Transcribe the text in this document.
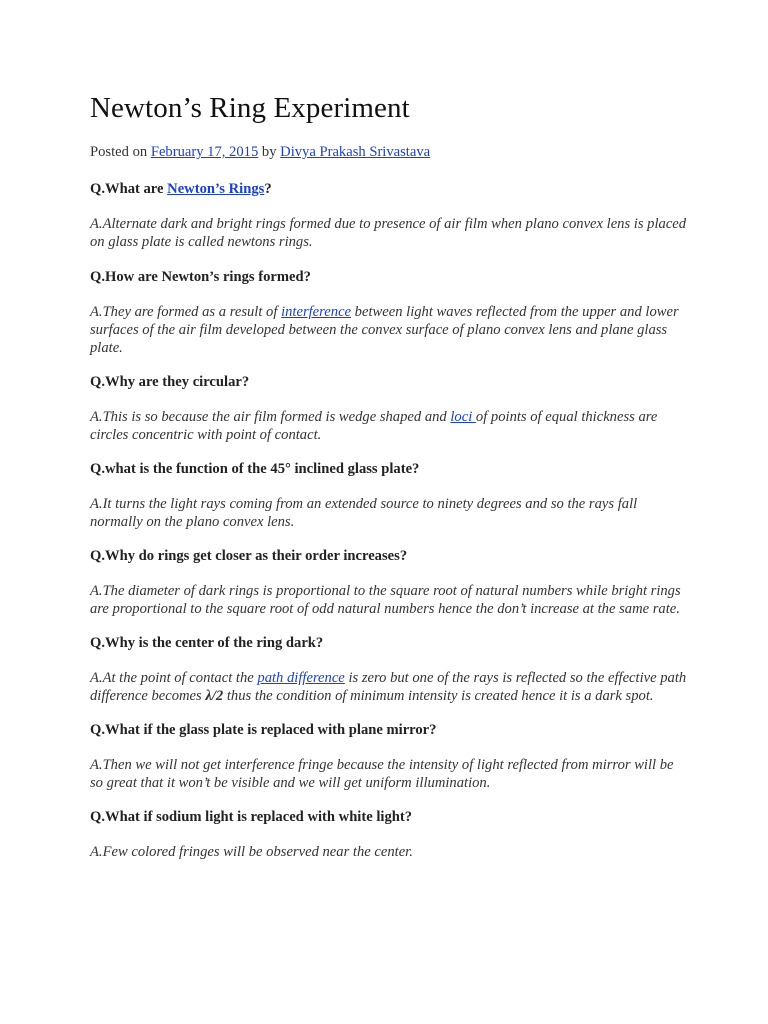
Newton’s Ring Experiment
Posted on February 17, 2015 by Divya Prakash Srivastava

Q.What are Newton’s Rings?

A.Alternate dark and bright rings formed due to presence of air film when plano convex lens is placed on glass plate is called newtons rings.

Q.How are Newton’s rings formed?

A.They are formed as a result of interference between light waves reflected from the upper and lower surfaces of the air film developed between the convex surface of plano convex lens and plane glass plate.

Q.Why are they circular?

A.This is so because the air film formed is wedge shaped and loci of points of equal thickness are circles concentric with point of contact.

Q.what is the function of the 45° inclined glass plate?

A.It turns the light rays coming from an extended source to ninety degrees and so the rays fall normally on the plano convex lens.

Q.Why do rings get closer as their order increases?

A.The diameter of dark rings is proportional to the square root of natural numbers while bright rings are proportional to the square root of odd natural numbers hence the don’t increase at the same rate.

Q.Why is the center of the ring dark?

A.At the point of contact the path difference is zero but one of the rays is reflected so the effective path difference becomes λ/2 thus the condition of minimum intensity is created hence it is a dark spot.

Q.What if the glass plate is replaced with plane mirror?

A.Then we will not get interference fringe because the intensity of light reflected from mirror will be so great that it won’t be visible and we will get uniform illumination.

Q.What if sodium light is replaced with white light?

A.Few colored fringes will be observed near the center.
